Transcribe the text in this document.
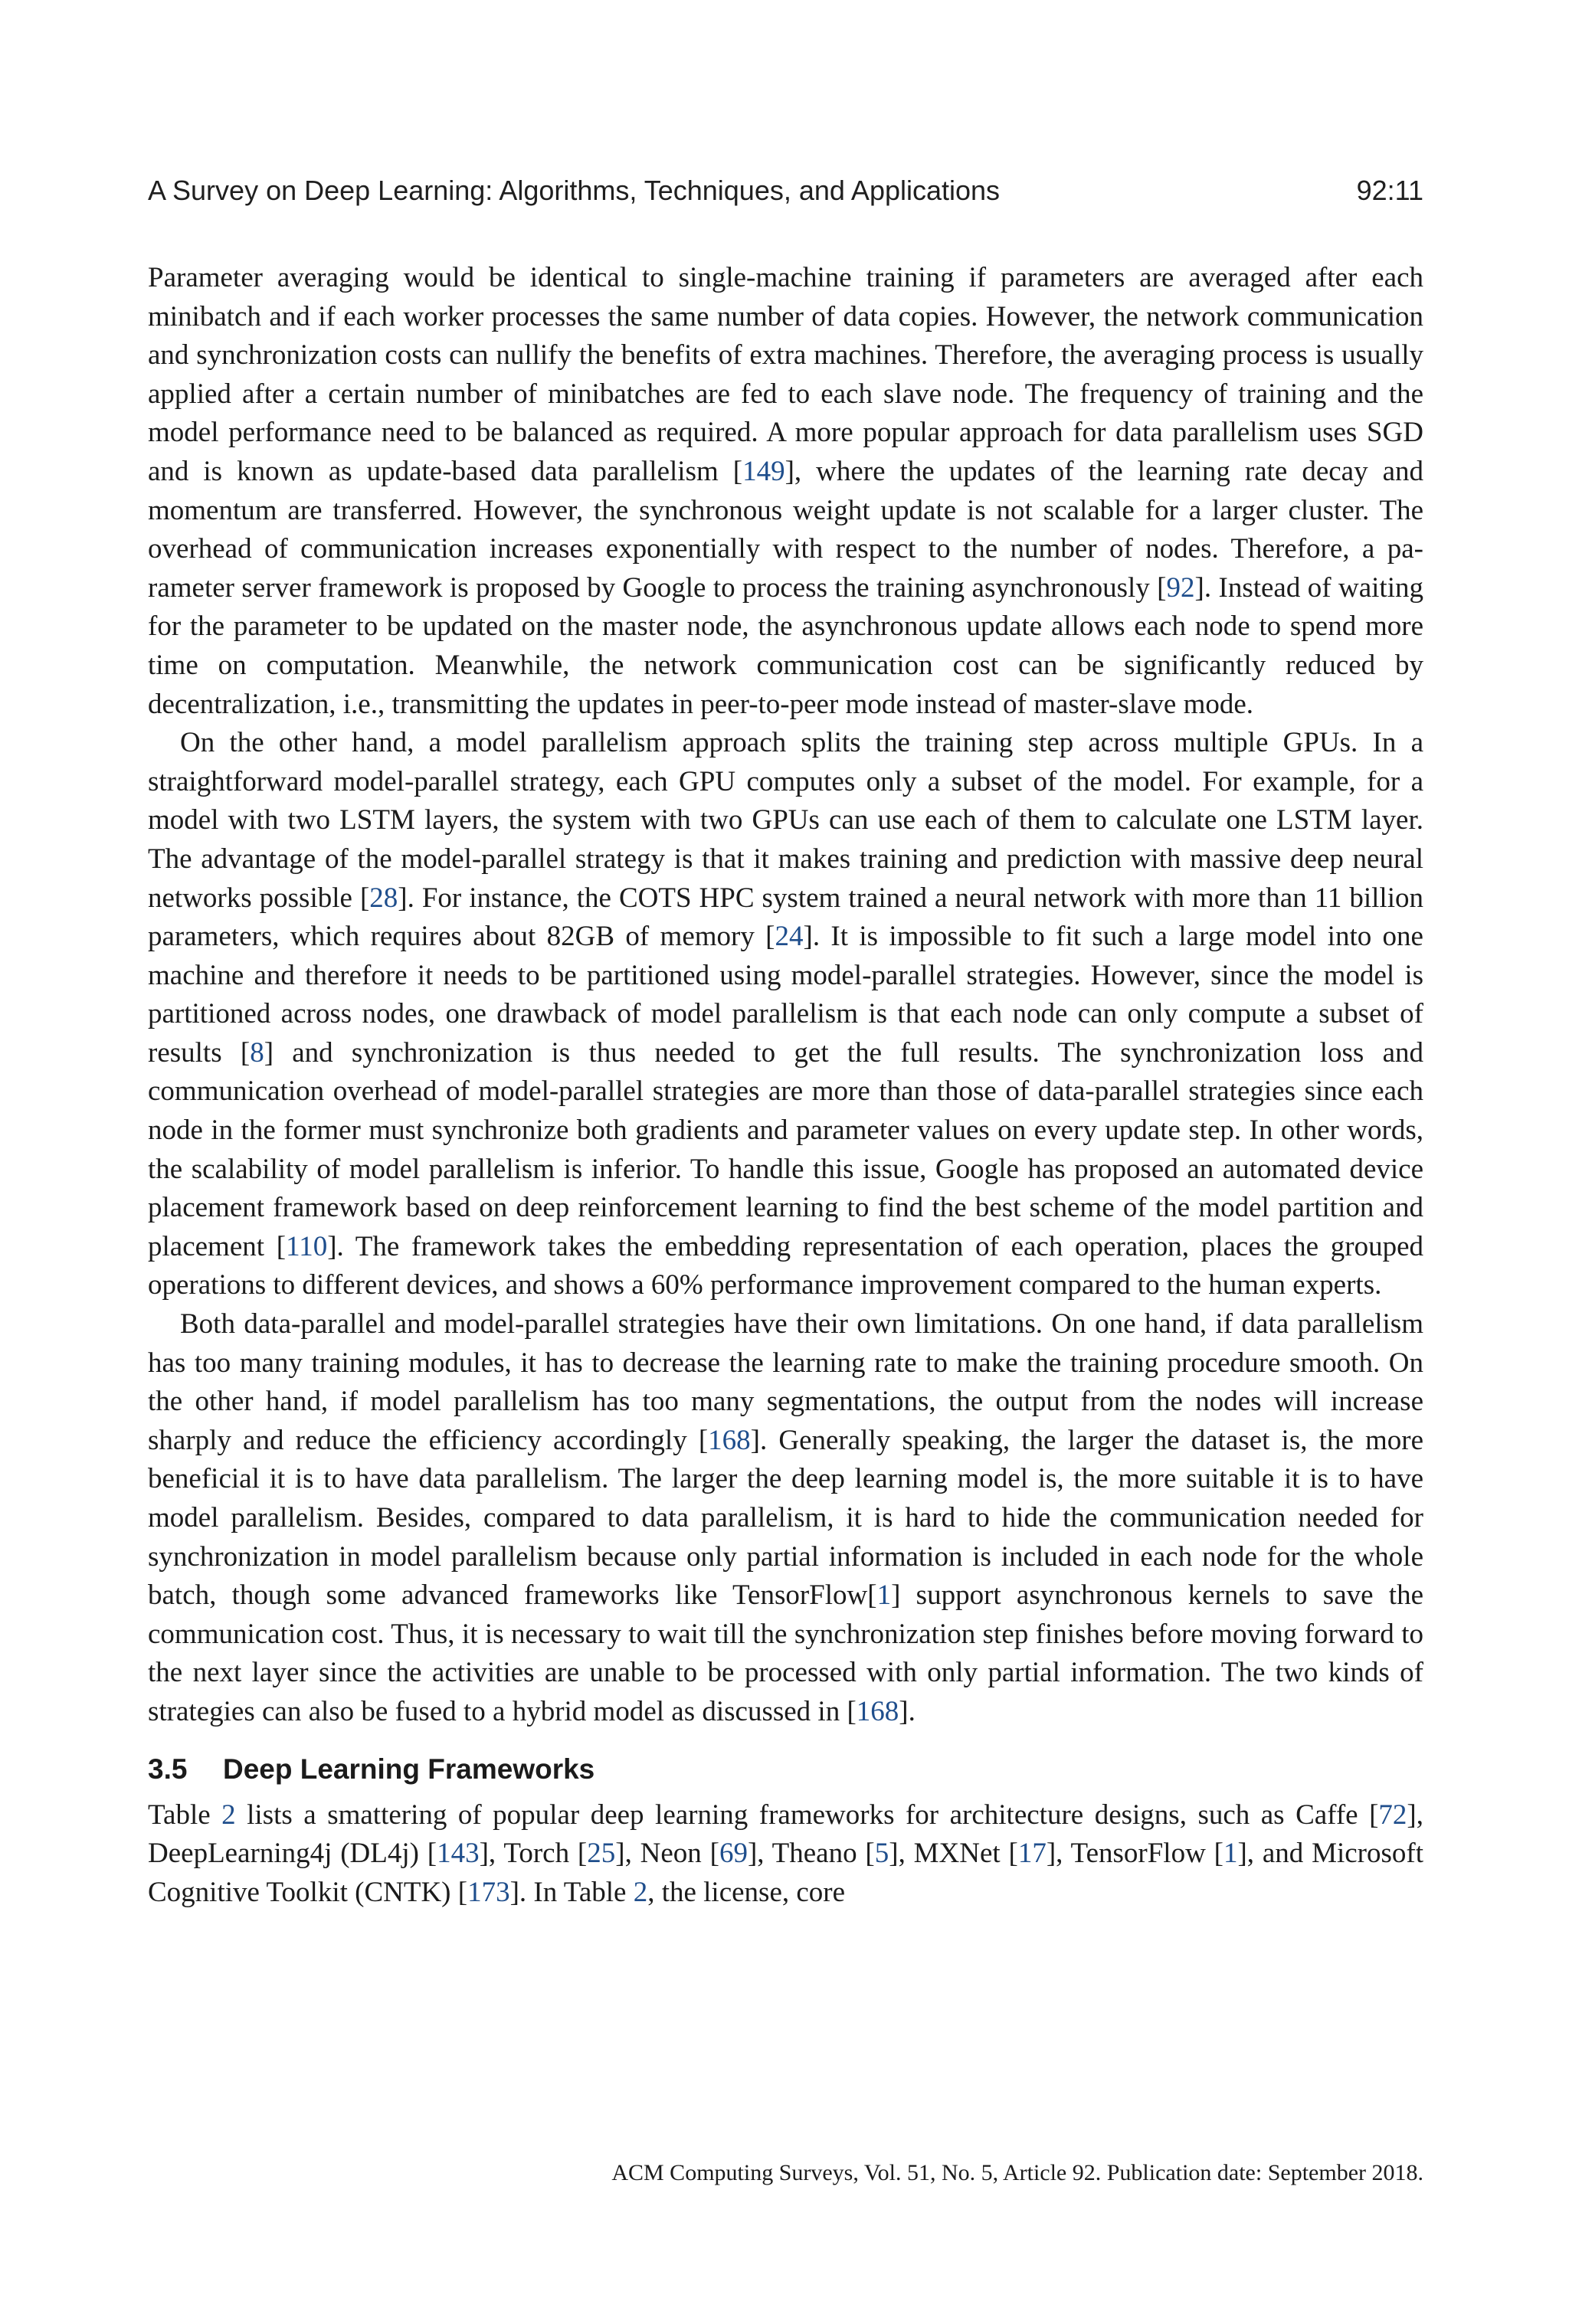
A Survey on Deep Learning: Algorithms, Techniques, and Applications	92:11

Parameter averaging would be identical to single-machine training if parameters are averaged after each minibatch and if each worker processes the same number of data copies. However, the network communication and synchronization costs can nullify the benefits of extra machines. Therefore, the averaging process is usually applied after a certain number of minibatches are fed to each slave node. The frequency of training and the model performance need to be balanced as required. A more popular approach for data parallelism uses SGD and is known as update-based data parallelism [149], where the updates of the learning rate decay and momentum are transferred. However, the synchronous weight update is not scalable for a larger cluster. The overhead of communication increases exponentially with respect to the number of nodes. Therefore, a parameter server framework is proposed by Google to process the training asynchronously [92]. Instead of waiting for the parameter to be updated on the master node, the asynchronous update allows each node to spend more time on computation. Meanwhile, the network communication cost can be significantly reduced by decentralization, i.e., transmitting the updates in peer-to-peer mode instead of master-slave mode.

On the other hand, a model parallelism approach splits the training step across multiple GPUs. In a straightforward model-parallel strategy, each GPU computes only a subset of the model. For example, for a model with two LSTM layers, the system with two GPUs can use each of them to calculate one LSTM layer. The advantage of the model-parallel strategy is that it makes training and prediction with massive deep neural networks possible [28]. For instance, the COTS HPC system trained a neural network with more than 11 billion parameters, which requires about 82GB of memory [24]. It is impossible to fit such a large model into one machine and therefore it needs to be partitioned using model-parallel strategies. However, since the model is partitioned across nodes, one drawback of model parallelism is that each node can only compute a subset of results [8] and synchronization is thus needed to get the full results. The synchronization loss and communication overhead of model-parallel strategies are more than those of data-parallel strategies since each node in the former must synchronize both gradients and parameter values on every update step. In other words, the scalability of model parallelism is inferior. To handle this issue, Google has proposed an automated device placement framework based on deep reinforcement learning to find the best scheme of the model partition and placement [110]. The framework takes the embedding representation of each operation, places the grouped operations to different devices, and shows a 60% performance improvement compared to the human experts.

Both data-parallel and model-parallel strategies have their own limitations. On one hand, if data parallelism has too many training modules, it has to decrease the learning rate to make the training procedure smooth. On the other hand, if model parallelism has too many segmentations, the output from the nodes will increase sharply and reduce the efficiency accordingly [168]. Generally speaking, the larger the dataset is, the more beneficial it is to have data parallelism. The larger the deep learning model is, the more suitable it is to have model parallelism. Besides, compared to data parallelism, it is hard to hide the communication needed for synchronization in model parallelism because only partial information is included in each node for the whole batch, though some advanced frameworks like TensorFlow[1] support asynchronous kernels to save the communication cost. Thus, it is necessary to wait till the synchronization step finishes before moving forward to the next layer since the activities are unable to be processed with only partial information. The two kinds of strategies can also be fused to a hybrid model as discussed in [168].

3.5 Deep Learning Frameworks

Table 2 lists a smattering of popular deep learning frameworks for architecture designs, such as Caffe [72], DeepLearning4j (DL4j) [143], Torch [25], Neon [69], Theano [5], MXNet [17], TensorFlow [1], and Microsoft Cognitive Toolkit (CNTK) [173]. In Table 2, the license, core

ACM Computing Surveys, Vol. 51, No. 5, Article 92. Publication date: September 2018.
